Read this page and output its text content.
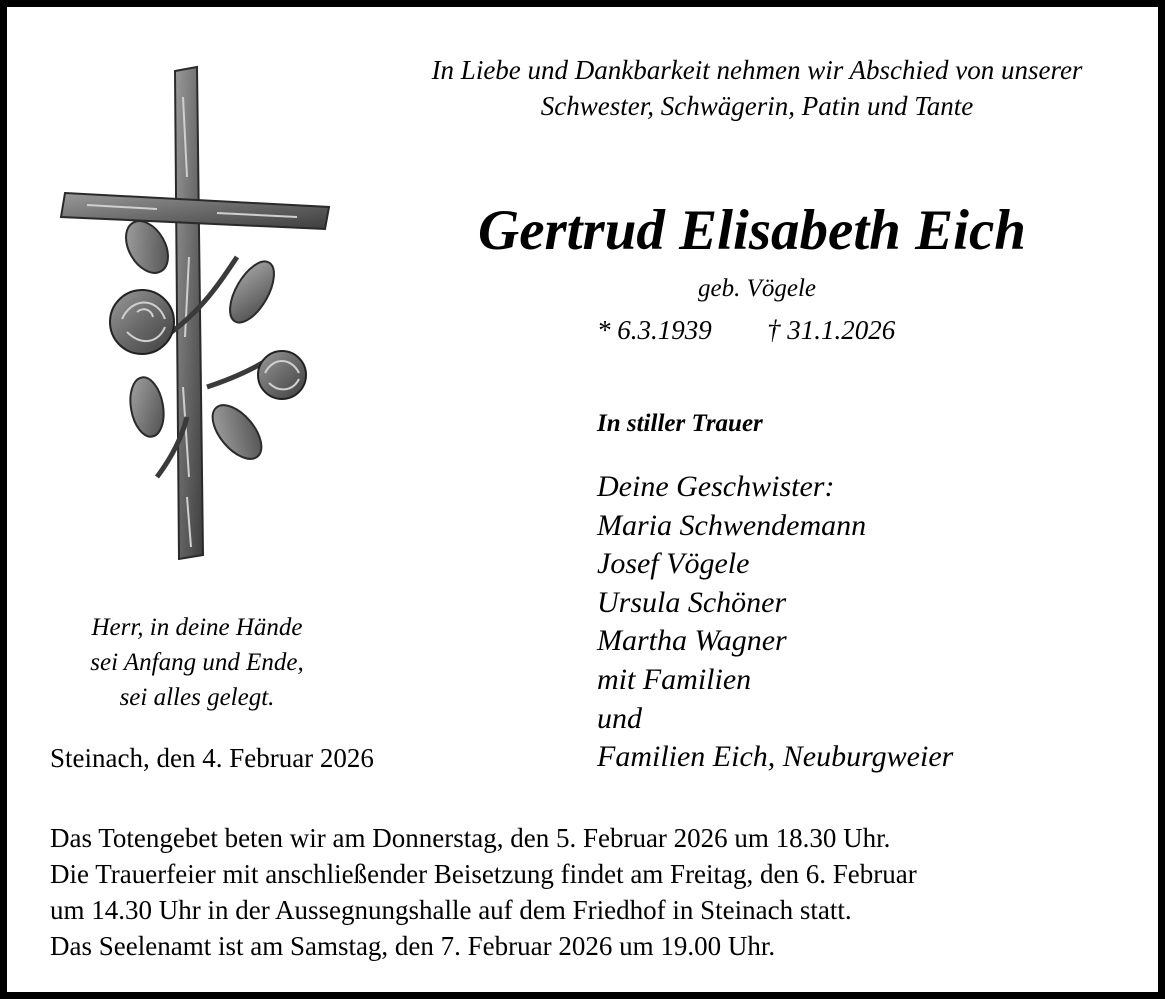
In Liebe und Dankbarkeit nehmen wir Abschied von unserer
Schwester, Schwägerin, Patin und Tante
Gertrud Elisabeth Eich
geb. Vögele
* 6.3.1939 † 31.1.2026
In stiller Trauer
Deine Geschwister:
Maria Schwendemann
Josef Vögele
Ursula Schöner
Martha Wagner
mit Familien
und
Familien Eich, Neuburgweier
Herr, in deine Hände
sei Anfang und Ende,
sei alles gelegt.
Steinach, den 4. Februar 2026
Das Totengebet beten wir am Donnerstag, den 5. Februar 2026 um 18.30 Uhr.
Die Trauerfeier mit anschließender Beisetzung findet am Freitag, den 6. Februar
um 14.30 Uhr in der Aussegnungshalle auf dem Friedhof in Steinach statt.
Das Seelenamt ist am Samstag, den 7. Februar 2026 um 19.00 Uhr.
